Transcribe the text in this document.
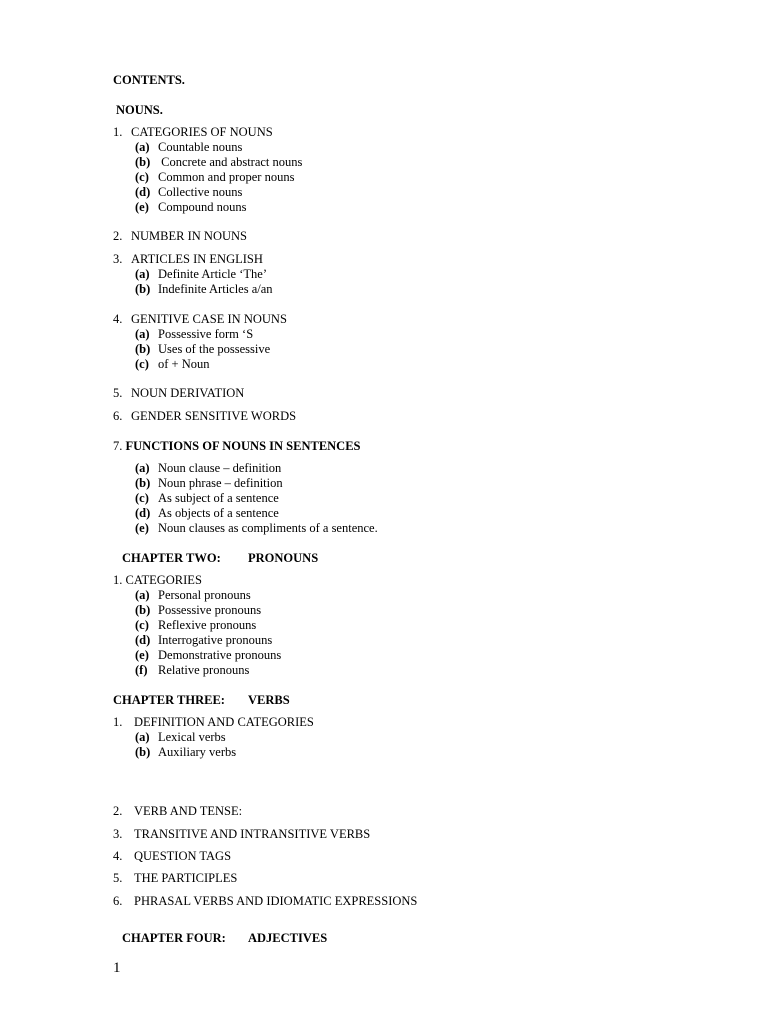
CONTENTS.
NOUNS.
1. CATEGORIES OF NOUNS
(a) Countable nouns
(b) Concrete and abstract nouns
(c) Common and proper nouns
(d) Collective nouns
(e) Compound nouns
2. NUMBER IN NOUNS
3. ARTICLES IN ENGLISH
(a) Definite Article ‘The’
(b) Indefinite Articles a/an
4. GENITIVE CASE IN NOUNS
(a) Possessive form ‘S
(b) Uses of the possessive
(c) of + Noun
5. NOUN DERIVATION
6. GENDER SENSITIVE WORDS
7. FUNCTIONS OF NOUNS IN SENTENCES
(a) Noun clause – definition
(b) Noun phrase – definition
(c) As subject of a sentence
(d) As objects of a sentence
(e) Noun clauses as compliments of a sentence.
CHAPTER TWO: PRONOUNS
1. CATEGORIES
(a) Personal pronouns
(b) Possessive pronouns
(c) Reflexive pronouns
(d) Interrogative pronouns
(e) Demonstrative pronouns
(f) Relative pronouns
CHAPTER THREE: VERBS
1. DEFINITION AND CATEGORIES
(a) Lexical verbs
(b) Auxiliary verbs
2. VERB AND TENSE:
3. TRANSITIVE AND INTRANSITIVE VERBS
4. QUESTION TAGS
5. THE PARTICIPLES
6. PHRASAL VERBS AND IDIOMATIC EXPRESSIONS
CHAPTER FOUR: ADJECTIVES
1
